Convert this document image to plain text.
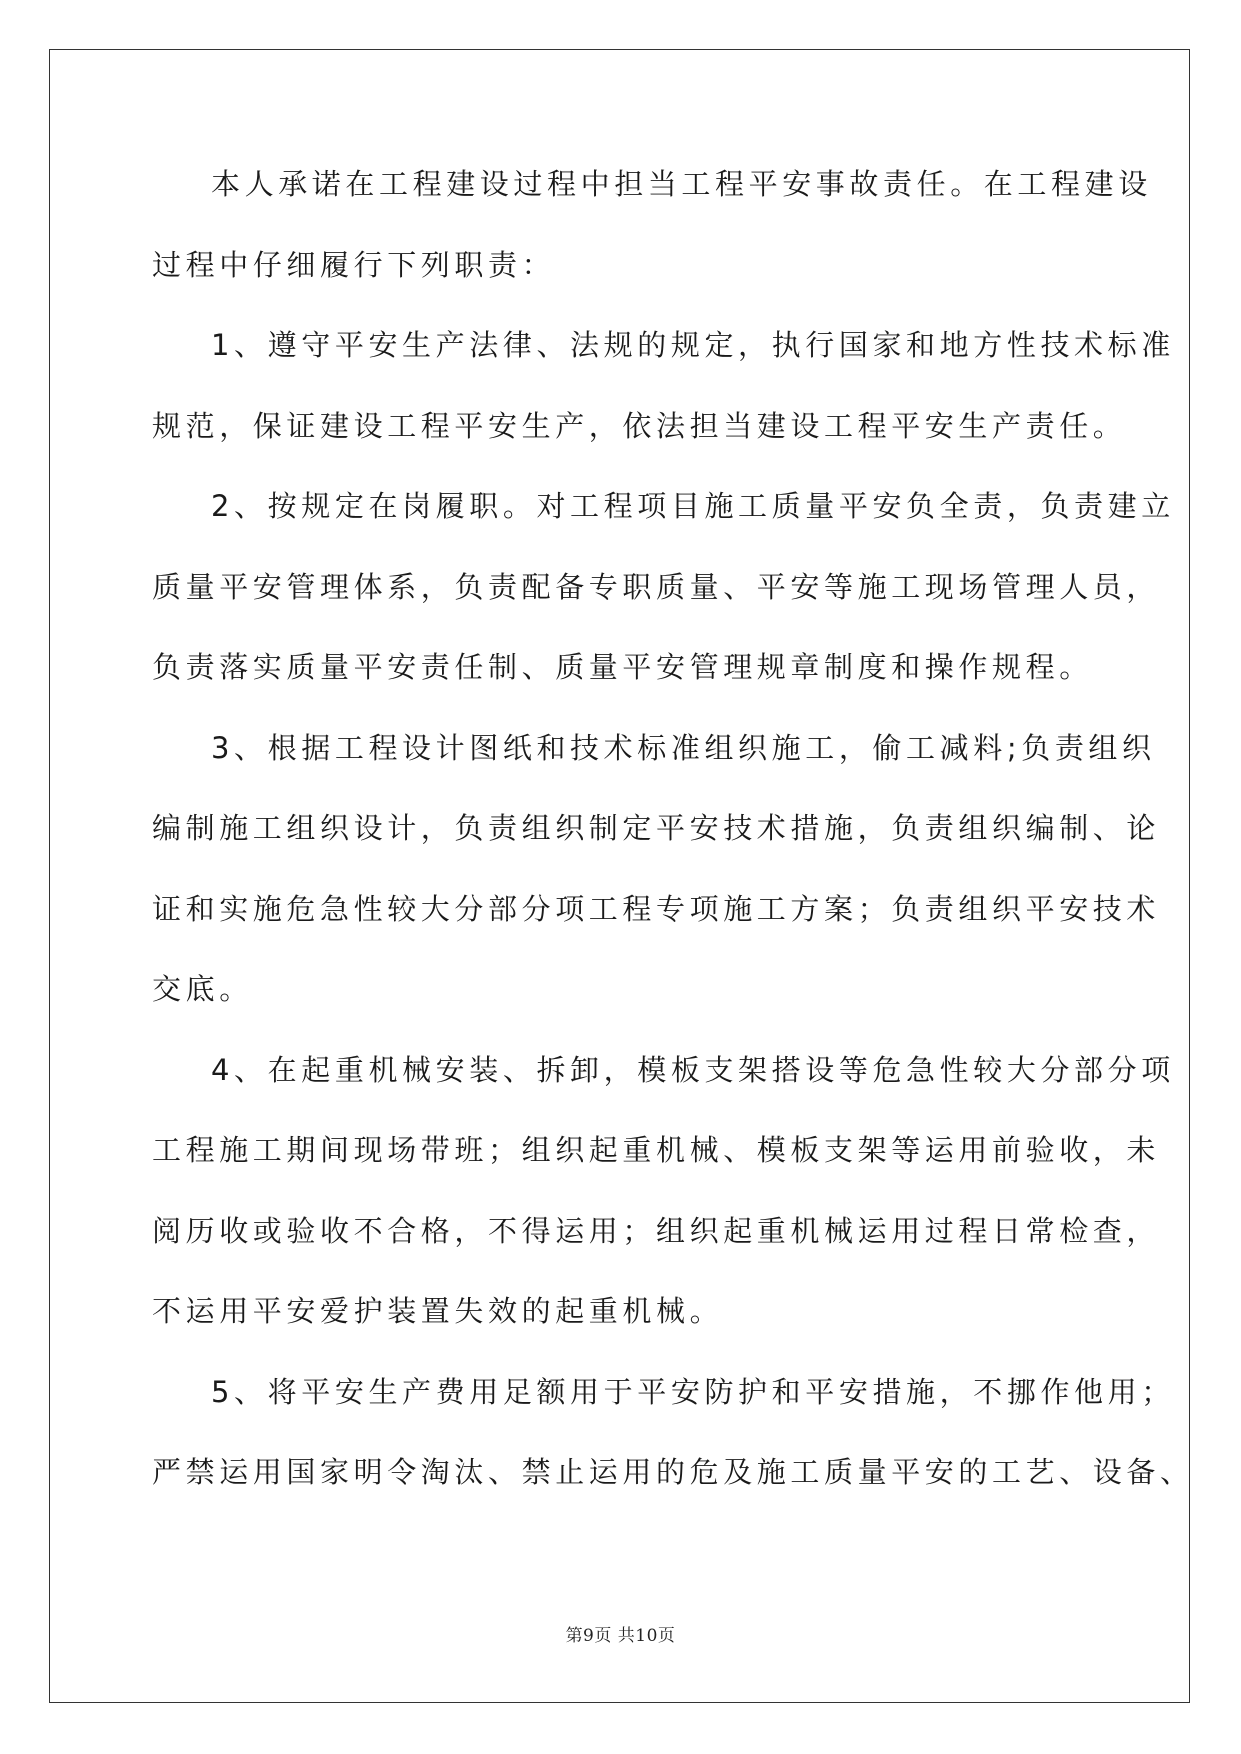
本人承诺在工程建设过程中担当工程平安事故责任。在工程建设
过程中仔细履行下列职责：
1、遵守平安生产法律、法规的规定，执行国家和地方性技术标准
规范，保证建设工程平安生产，依法担当建设工程平安生产责任。
2、按规定在岗履职。对工程项目施工质量平安负全责，负责建立
质量平安管理体系，负责配备专职质量、平安等施工现场管理人员，
负责落实质量平安责任制、质量平安管理规章制度和操作规程。
3、根据工程设计图纸和技术标准组织施工，偷工减料;负责组织
编制施工组织设计，负责组织制定平安技术措施，负责组织编制、论
证和实施危急性较大分部分项工程专项施工方案；负责组织平安技术
交底。
4、在起重机械安装、拆卸，模板支架搭设等危急性较大分部分项
工程施工期间现场带班；组织起重机械、模板支架等运用前验收，未
阅历收或验收不合格，不得运用；组织起重机械运用过程日常检查，
不运用平安爱护装置失效的起重机械。
5、将平安生产费用足额用于平安防护和平安措施，不挪作他用；
严禁运用国家明令淘汰、禁止运用的危及施工质量平安的工艺、设备、
第9页 共10页
